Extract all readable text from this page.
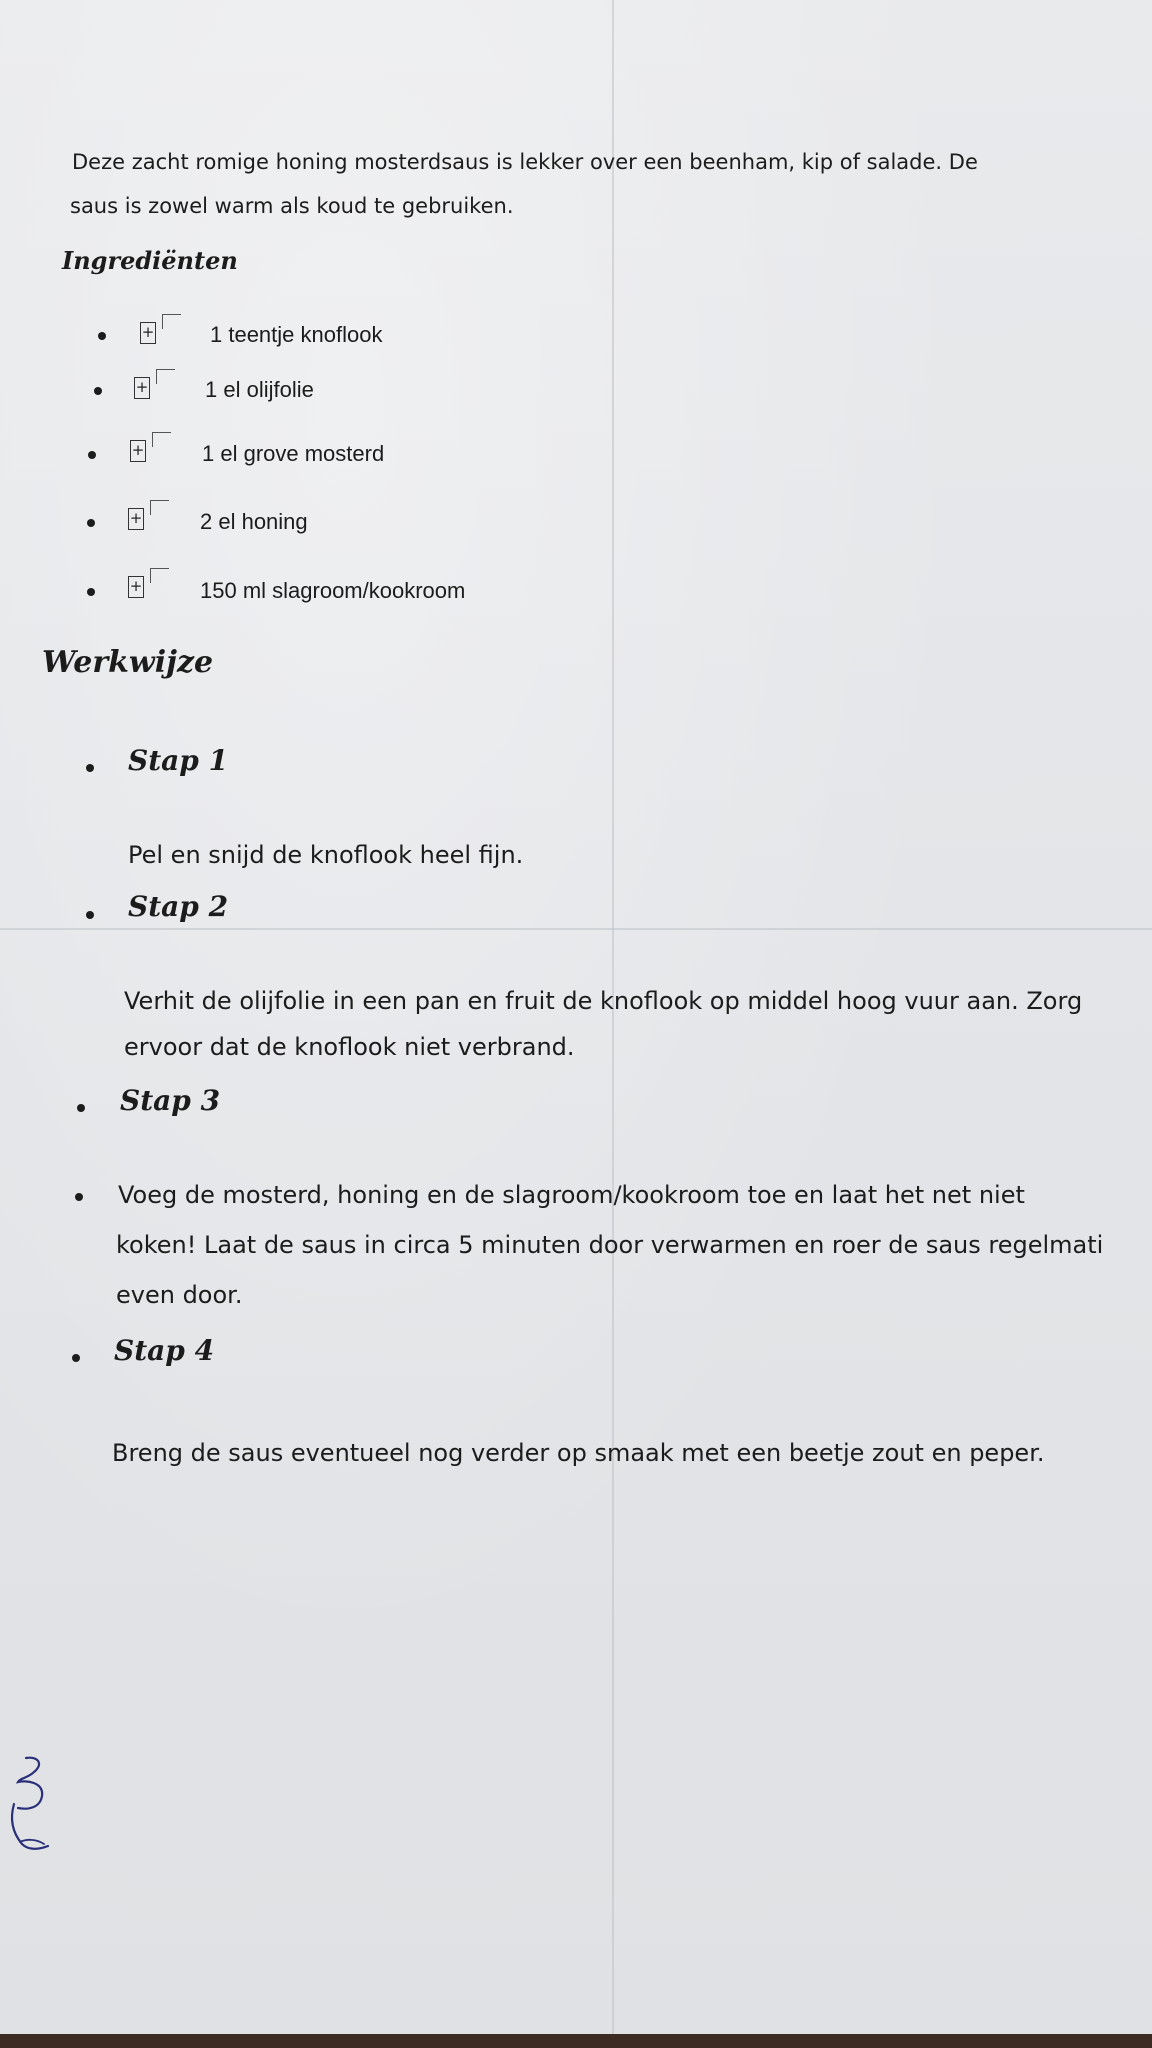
Deze zacht romige honing mosterdsaus is lekker over een beenham, kip of salade. De
saus is zowel warm als koud te gebruiken.
Ingrediënten
+	1 teentje knoflook
+	1 el olijfolie
+	1 el grove mosterd
+	2 el honing
+	150 ml slagroom/kookroom
Werkwijze
Stap 1
Pel en snijd de knoflook heel fijn.
Stap 2
Verhit de olijfolie in een pan en fruit de knoflook op middel hoog vuur aan. Zorg
ervoor dat de knoflook niet verbrand.
Stap 3
Voeg de mosterd, honing en de slagroom/kookroom toe en laat het net niet
koken! Laat de saus in circa 5 minuten door verwarmen en roer de saus regelmati
even door.
Stap 4
Breng de saus eventueel nog verder op smaak met een beetje zout en peper.
